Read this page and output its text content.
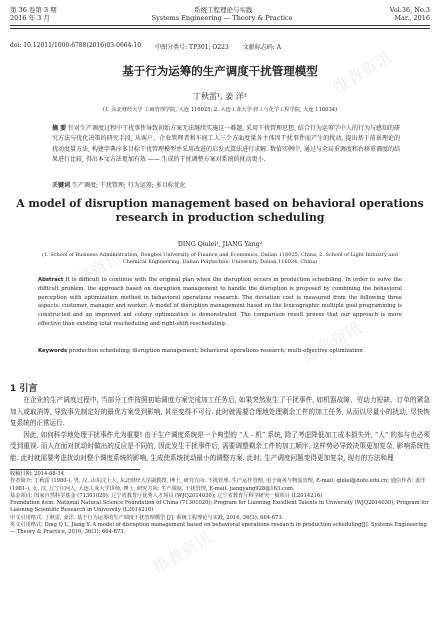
维普资讯
维普资讯
维普资讯
维普资讯
第 36 卷第 3 期	系统工程理论与实践	Vol.36, No.3
2016 年 3 月	Systems Engineering — Theory & Practice	Mar., 2016
doi: 10.12011/1000-6788(2016)03-0664-10 中图分类号: TP301; O223 文献标志码: A
基于行为运筹的生产调度干扰管理模型
丁秋雷¹, 姜 洋²
(1. 东北财经大学 工商管理学院, 大连 116025; 2. 大连工业大学 轻工与化学工程学院, 大连 116034)
摘 要 针对生产调度过程中干扰事件导致初始方案无法继续实施这一难题, 采用干扰管理思想, 结合行为运筹学中人的行为与感知的研究方法与优化决策的研究手段, 从客户、企业管理者和车间工人三个方面度量各主体因干扰事件而产生的扰动, 提出基于前景理论的扰动度量方法, 构建字典序多目标干扰管理模型并采用改进的启发式算法进行求解. 数值实例中, 通过与全局重调度和右移重调度的结果进行比较, 得出本文方法更加有效 —— 生成的干扰调整方案对系统的扰动更小.
关键词 生产调度; 干扰管理; 行为运筹; 多目标优化
A model of disruption management based on behavioral operations research in production scheduling
DING Qiulei¹, JIANG Yang²
(1. School of Business Administration, Dongbei University of Finance and Economics, Dalian 116025, China; 2. School of Light Industry and Chemical Engineering, Dalian Polytechnic University, Dalian 116034, China)
Abstract It is difficult to continue with the original plan when the disruption occurs in production scheduling. In order to solve the difficult problem, the approach based on disruption management to handle the disruption is proposed by combining the behavioral perception with optimization method in behavioral operations research. The deviation cost is measured from the following three aspects: customer, manager and worker. A model of disruption management based on the lexicographic multiple goal programming is constructed and an improved ant colony optimization is demonstrated. The comparison result proves that our approach is more effective than existing total rescheduling and right-shift rescheduling.
Keywords production scheduling; disruption management; behavioral operations research; multi-objective optimization
1 引言

在企业的生产调度过程中, 当部分工件按照初始调度方案完成加工任务后, 如果突然发生了干扰事件, 如机器故障、劳动力短缺、订单的紧急加入或取消等, 导致事先制定好的最优方案受到影响, 甚至变得不可行. 此时就需要合理地处理剩余工件的加工任务, 从而以尽量小的扰动, 尽快恢复系统的正常运行.

因此, 如何科学地处理干扰事件尤为重要! 由于生产调度系统是一个典型的 “人 - 机” 系统, 除了考虑降低加工成本损失外, “人” 的参与也必须受到重视. 而人在面对扰动时做出的反应是不同的, 因此发生干扰事件后, 需要调整剩余工件的加工顺序, 这样势必导致决策更加复杂, 影响系统性能. 此时就需要考虑扰动对整个调度系统的影响, 生成使系统扰动最小的调整方案. 此时, 生产调度问题变得更加复杂, 现有的方法和理

收稿日期: 2014-08-14

作者简介: 丁秋雷 (1980-), 男, 汉, 山东汶上人, 东北财经大学副教授, 博士, 研究方向: 干扰管理, 生产运作管理, 电子商务与物流管理, E-mail: qiulei@dufe.edu.cn; 通信作者: 姜洋 (1981-), 女, 汉, 辽宁庄河人, 大连工业大学讲师, 博士, 研究方向: 生产调度, 干扰管理, E-mail: jiangyang928@163.com.

基金项目: 国家自然科学基金 (71301020); 辽宁省教育厅优秀人才项目 (WJQ2014030); 辽宁省教育厅科学研究一般项目 (L2014216)

Foundation item: National Natural Science Foundation of China (71301020); Program for Liaoning Excellent Talents in University (WJQ2014030); Program for Liaoning Scientific Research in University (L2014216)

中文引用格式: 丁秋雷, 姜洋. 基于行为运筹的生产调度干扰管理模型 [J]. 系统工程理论与实践, 2016, 36(3): 664-673.

英文引用格式: Ding Q L, Jiang Y. A model of disruption management based on behavioral operations research in production scheduling[J]. Systems Engineering — Theory & Practice, 2016, 36(3): 664-673.
